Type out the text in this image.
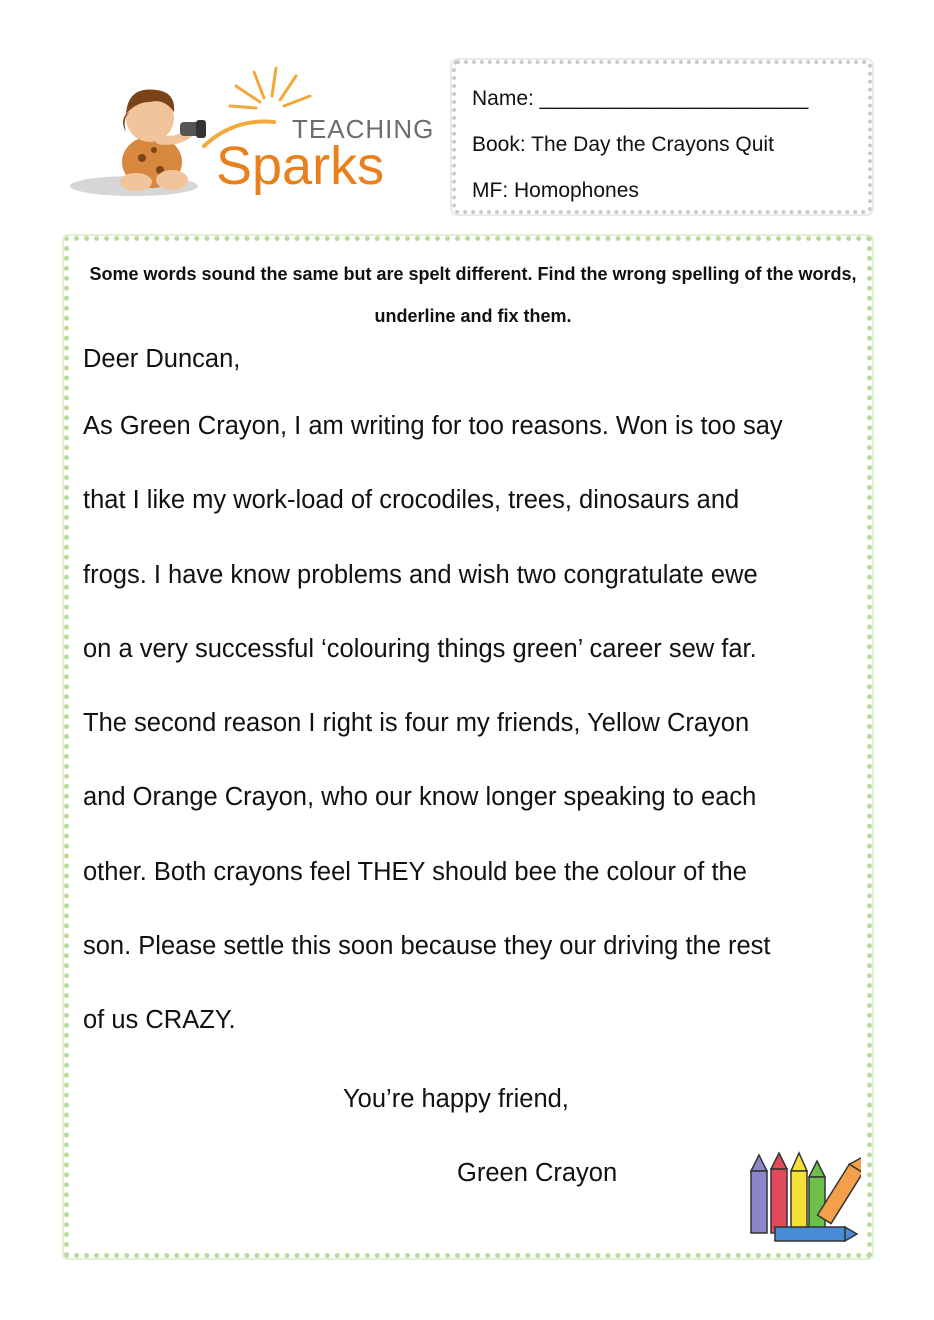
TEACHING
Sparks
Name: _______________________
Book: The Day the Crayons Quit
MF: Homophones
Some words sound the same but are spelt different. Find the wrong spelling of the words, underline and fix them.

Deer Duncan,

As Green Crayon, I am writing for too reasons. Won is too say

that I like my work-load of crocodiles, trees, dinosaurs and

frogs. I have know problems and wish two congratulate ewe

on a very successful ‘colouring things green’ career sew far.

The second reason I right is four my friends, Yellow Crayon

and Orange Crayon, who our know longer speaking to each

other. Both crayons feel THEY should bee the colour of the

son. Please settle this soon because they our driving the rest

of us CRAZY.

You’re happy friend,
Green Crayon
